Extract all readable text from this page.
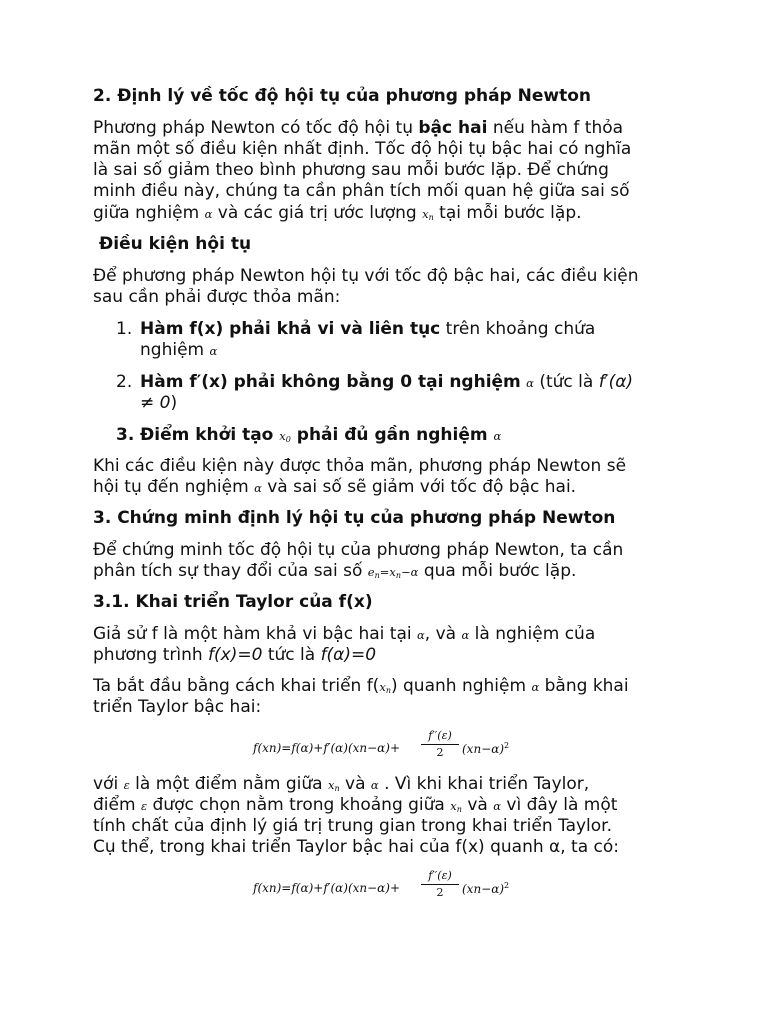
2. Định lý về tốc độ hội tụ của phương pháp Newton
Phương pháp Newton có tốc độ hội tụ bậc hai nếu hàm f thỏa
mãn một số điều kiện nhất định. Tốc độ hội tụ bậc hai có nghĩa
là sai số giảm theo bình phương sau mỗi bước lặp. Để chứng
minh điều này, chúng ta cần phân tích mối quan hệ giữa sai số
giữa nghiệm α và các giá trị ước lượng $x_n$ tại mỗi bước lặp.
Điều kiện hội tụ
Để phương pháp Newton hội tụ với tốc độ bậc hai, các điều kiện
sau cần phải được thỏa mãn:
1. Hàm f(x) phải khả vi và liên tục trên khoảng chứa
nghiệm α
2. Hàm f′(x) phải không bằng 0 tại nghiệm α (tức là f′(α)
≠ 0)
3. Điểm khởi tạo $x_0$ phải đủ gần nghiệm α
Khi các điều kiện này được thỏa mãn, phương pháp Newton sẽ
hội tụ đến nghiệm α và sai số sẽ giảm với tốc độ bậc hai.
3. Chứng minh định lý hội tụ của phương pháp Newton
Để chứng minh tốc độ hội tụ của phương pháp Newton, ta cần
phân tích sự thay đổi của sai số $e_n=x_n-\alpha$ qua mỗi bước lặp.
3.1. Khai triển Taylor của f(x)
Giả sử f là một hàm khả vi bậc hai tại α, và α là nghiệm của
phương trình f(x)=0 tức là f(α)=0
Ta bắt đầu bằng cách khai triển $f(x_n)$ quanh nghiệm α bằng khai
triển Taylor bậc hai:
f(xn)=f(α)+f′(α)(xn−α)+
f′′(ε)
2	$(xn-\alpha)^2$
với ε là một điểm nằm giữa $x_n$ và α . Vì khi khai triển Taylor,
điểm ε được chọn nằm trong khoảng giữa $x_n$ và α vì đây là một
tính chất của định lý giá trị trung gian trong khai triển Taylor.
Cụ thể, trong khai triển Taylor bậc hai của f(x) quanh α, ta có:
f(xn)=f(α)+f′(α)(xn−α)+
f′′(ε)
2	$(xn-\alpha)^2$
